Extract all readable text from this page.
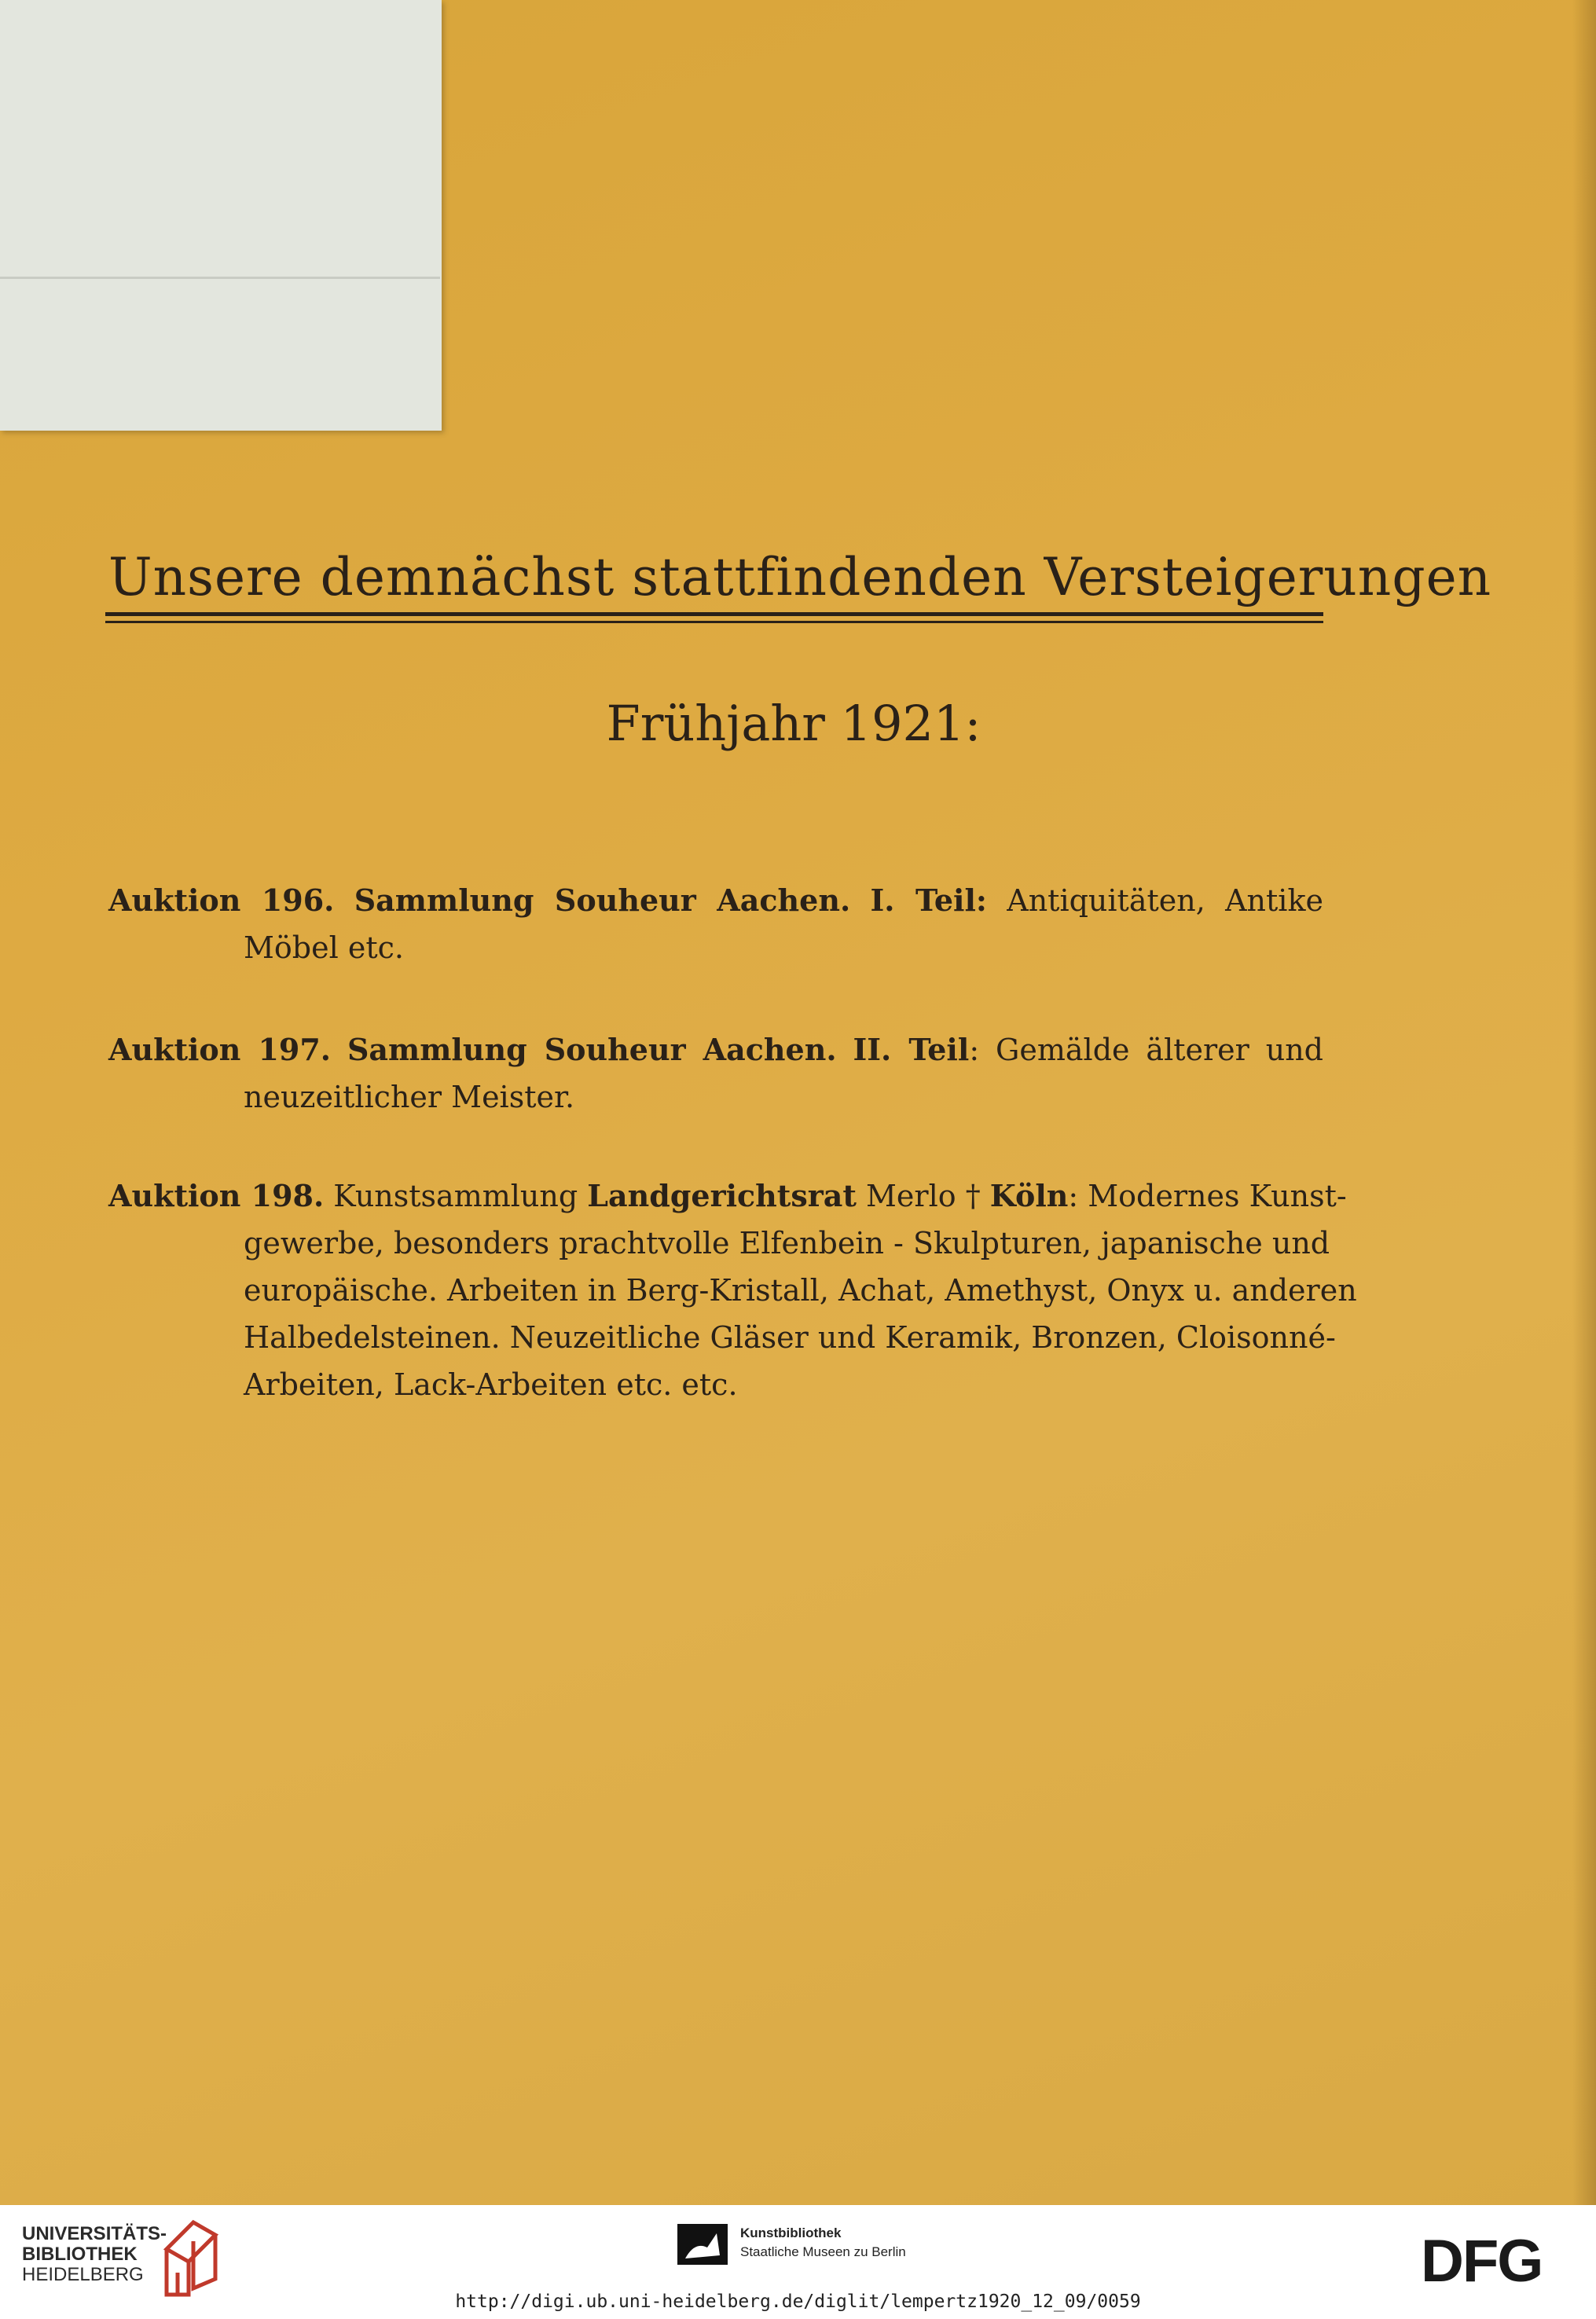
Unsere demnächst stattfindenden Versteigerungen
Frühjahr 1921:
Auktion 196. Sammlung Souheur Aachen. I. Teil: Antiquitäten, Antike
Möbel etc.
Auktion 197. Sammlung Souheur Aachen. II. Teil: Gemälde älterer und
neuzeitlicher Meister.
Auktion 198. Kunstsammlung Landgerichtsrat Merlo † Köln: Modernes Kunst-
gewerbe, besonders prachtvolle Elfenbein - Skulpturen, japanische und
europäische. Arbeiten in Berg-Kristall, Achat, Amethyst, Onyx u. anderen
Halbedelsteinen. Neuzeitliche Gläser und Keramik, Bronzen, Cloisonné-
Arbeiten, Lack-Arbeiten etc. etc.
UNIVERSITÄTS-
BIBLIOTHEK
HEIDELBERG
Kunstbibliothek
Staatliche Museen zu Berlin	DFG
http://digi.ub.uni-heidelberg.de/diglit/lempertz1920_12_09/0059
